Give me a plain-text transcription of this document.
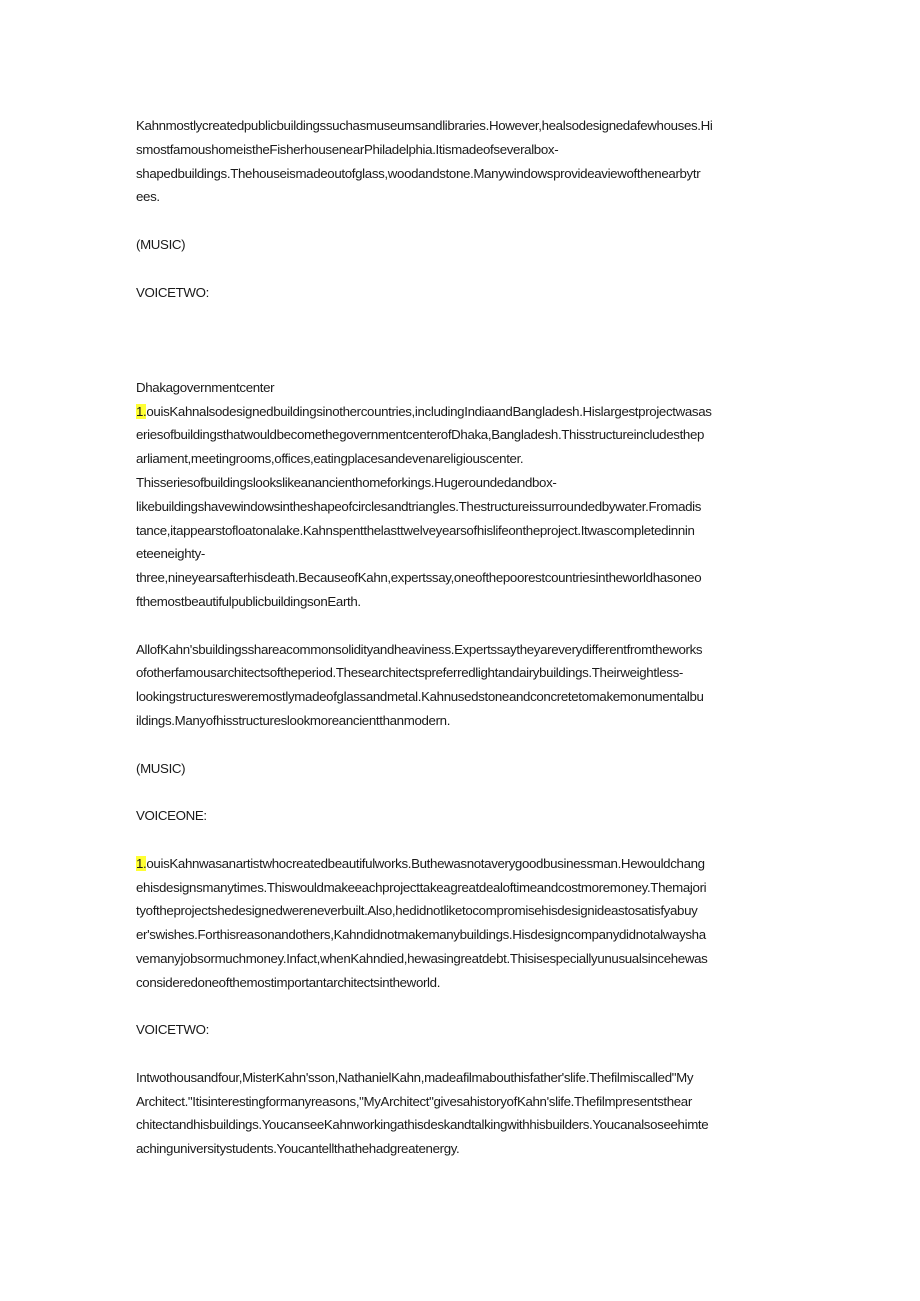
Kahnmostlycreatedpublicbuildingssuchasmuseumsandlibraries.However,healsodesignedafewhouses.Hi
smostfamoushomeistheFisherhousenearPhiladelphia.Itismadeofseveralbox-
shapedbuildings.Thehouseismadeoutofglass,woodandstone.Manywindowsprovideaviewofthenearbytr
ees.
(MUSIC)
VOICETWO:
Dhakagovernmentcenter
1.ouisKahnalsodesignedbuildingsinothercountries,includingIndiaandBangladesh.Hislargestprojectwasas
eriesofbuildingsthatwouldbecomethegovernmentcenterofDhaka,Bangladesh.Thisstructureincludesthep
arliament,meetingrooms,offices,eatingplacesandevenareligiouscenter.
Thisseriesofbuildingslookslikeanancienthomeforkings.Hugeroundedandbox-
likebuildingshavewindowsintheshapeofcirclesandtriangles.Thestructureissurroundedbywater.Fromadis
tance,itappearstofloatonalake.Kahnspentthelasttwelveyearsofhislifeontheproject.Itwascompletedinnin
eteeneighty-
three,nineyearsafterhisdeath.BecauseofKahn,expertssay,oneofthepoorestcountriesintheworldhasoneo
fthemostbeautifulpublicbuildingsonEarth.
AllofKahn'sbuildingsshareacommonsolidityandheaviness.Expertssaytheyareverydifferentfromtheworks
ofotherfamousarchitectsoftheperiod.Thesearchitectspreferredlightandairybuildings.Theirweightless-
lookingstructuresweremostlymadeofglassandmetal.Kahnusedstoneandconcretetomakemonumentalbu
ildings.Manyofhisstructureslookmoreancientthanmodern.
(MUSIC)
VOICEONE:
1.ouisKahnwasanartistwhocreatedbeautifulworks.Buthewasnotaverygoodbusinessman.Hewouldchang
ehisdesignsmanytimes.Thiswouldmakeeachprojecttakeagreatdealoftimeandcostmoremoney.Themajori
tyoftheprojectshedesignedwereneverbuilt.Also,hedidnotliketocompromisehisdesignideastosatisfyabuy
er'swishes.Forthisreasonandothers,Kahndidnotmakemanybuildings.Hisdesigncompanydidnotalwaysha
vemanyjobsormuchmoney.Infact,whenKahndied,hewasingreatdebt.Thisisespeciallyunusualsincehewas
consideredoneofthemostimportantarchitectsintheworld.
VOICETWO:
Intwothousandfour,MisterKahn'sson,NathanielKahn,madeafilmabouthisfather'slife.Thefilmiscalled"My
Architect."Itisinterestingformanyreasons,"MyArchitect"givesahistoryofKahn'slife.Thefilmpresentsthear
chitectandhisbuildings.YoucanseeKahnworkingathisdeskandtalkingwithhisbuilders.Youcanalsoseehimte
achinguniversitystudents.Youcantellthathehadgreatenergy.
